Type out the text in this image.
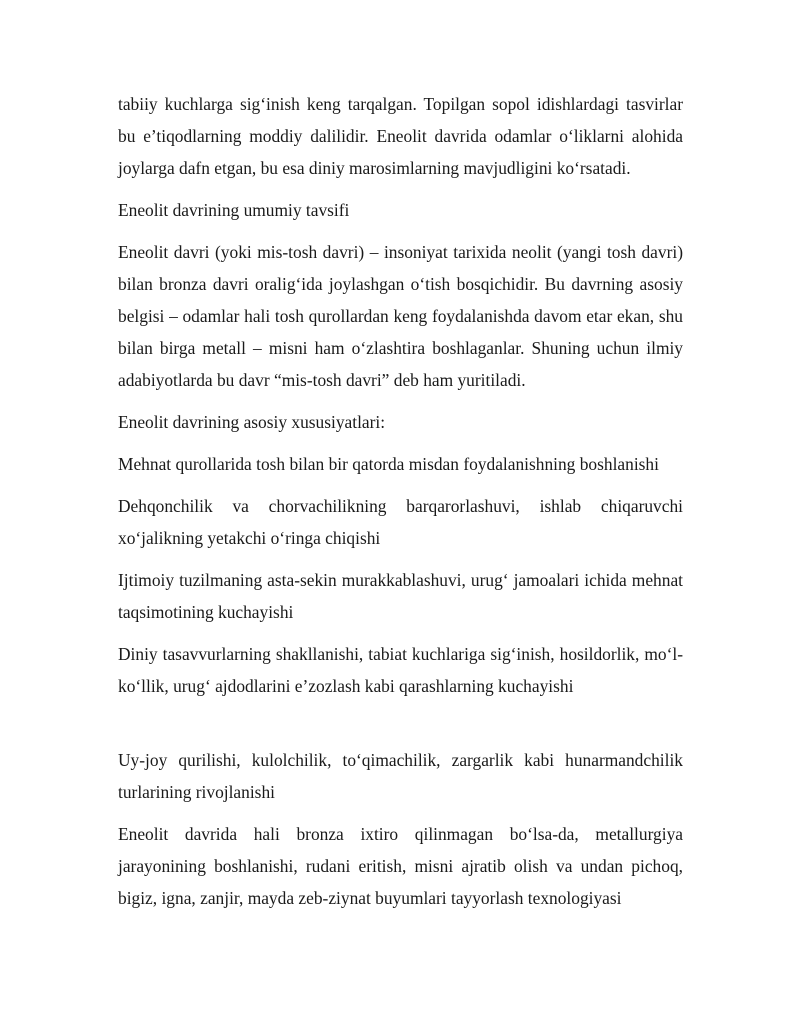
tabiiy kuchlarga sig‘inish keng tarqalgan. Topilgan sopol idishlardagi tasvirlar bu e’tiqodlarning moddiy dalilidir. Eneolit davrida odamlar o‘liklarni alohida joylarga dafn etgan, bu esa diniy marosimlarning mavjudligini ko‘rsatadi.

Eneolit davrining umumiy tavsifi

Eneolit davri (yoki mis-tosh davri) – insoniyat tarixida neolit (yangi tosh davri) bilan bronza davri oralig‘ida joylashgan o‘tish bosqichidir. Bu davrning asosiy belgisi – odamlar hali tosh qurollardan keng foydalanishda davom etar ekan, shu bilan birga metall – misni ham o‘zlashtira boshlaganlar. Shuning uchun ilmiy adabiyotlarda bu davr “mis-tosh davri” deb ham yuritiladi.

Eneolit davrining asosiy xususiyatlari:

Mehnat qurollarida tosh bilan bir qatorda misdan foydalanishning boshlanishi

Dehqonchilik va chorvachilikning barqarorlashuvi, ishlab chiqaruvchi xo‘jalikning yetakchi o‘ringa chiqishi

Ijtimoiy tuzilmaning asta-sekin murakkablashuvi, urug‘ jamoalari ichida mehnat taqsimotining kuchayishi

Diniy tasavvurlarning shakllanishi, tabiat kuchlariga sig‘inish, hosildorlik, mo‘l-ko‘llik, urug‘ ajdodlarini e’zozlash kabi qarashlarning kuchayishi

Uy-joy qurilishi, kulolchilik, to‘qimachilik, zargarlik kabi hunarmandchilik turlarining rivojlanishi

Eneolit davrida hali bronza ixtiro qilinmagan bo‘lsa-da, metallurgiya jarayonining boshlanishi, rudani eritish, misni ajratib olish va undan pichoq, bigiz, igna, zanjir, mayda zeb-ziynat buyumlari tayyorlash texnologiyasi
